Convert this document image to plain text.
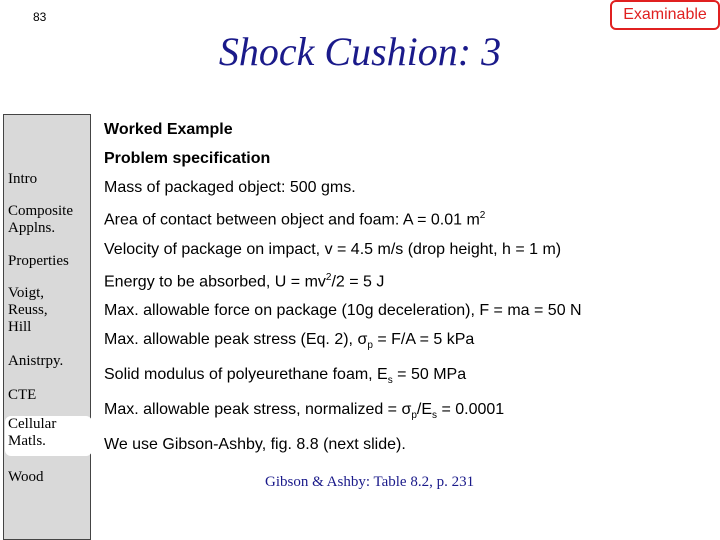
83	Examinable
Shock Cushion: 3
Intro
Composite
Applns.
Properties
Voigt,
Reuss,
Hill
Anistrpy.
CTE
Cellular
Matls.
Wood
Worked Example
Problem specification
Mass of packaged object: 500 gms.
Area of contact between object and foam: A = 0.01 $m^2$
Velocity of package on impact, v = 4.5 m/s (drop height, h = 1 m)
Energy to be absorbed, $U = mv^2/2 = 5$ J
Max. allowable force on package (10g deceleration), F = ma = 50 N
Max. allowable peak stress (Eq. 2), $\sigma_p = F/A = 5$ kPa
Solid modulus of polyeurethane foam, $E_s = 50$ MPa
Max. allowable peak stress, normalized = $\sigma_p/E_s = 0.0001$
We use Gibson-Ashby, fig. 8.8 (next slide).
Gibson & Ashby: Table 8.2, p. 231
